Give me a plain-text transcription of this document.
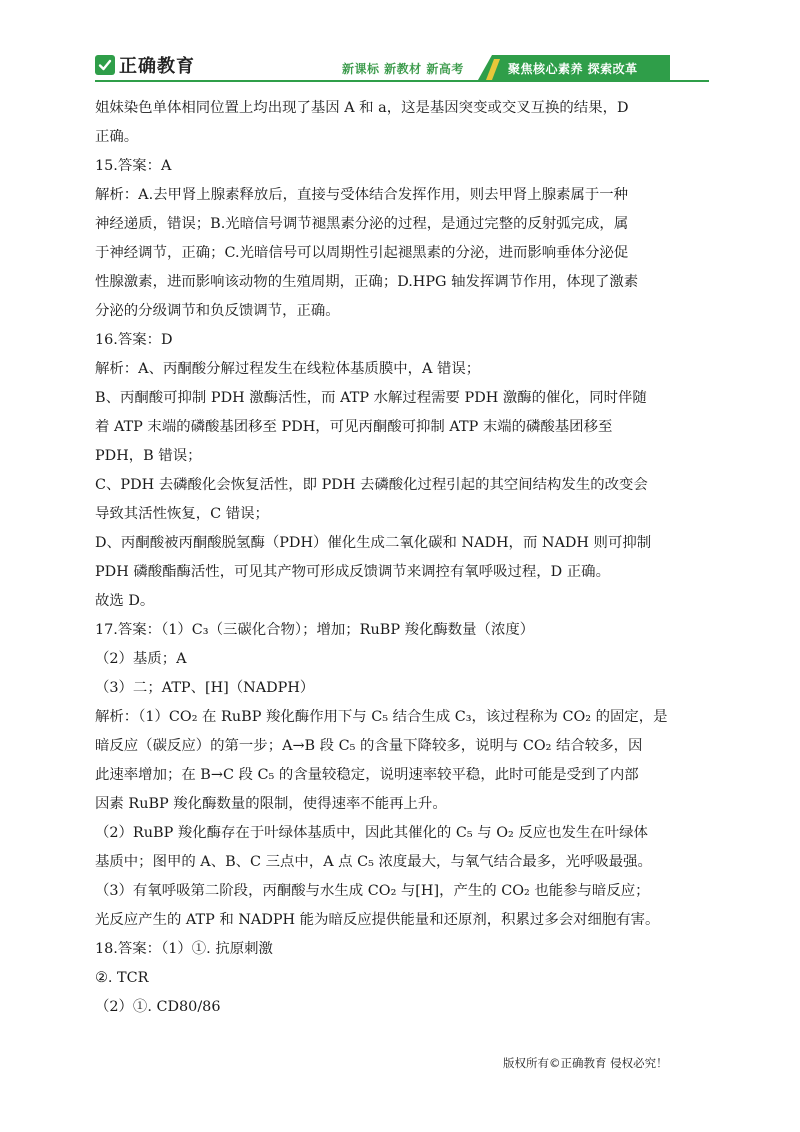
正确教育	新课标 新教材 新高考	聚焦核心素养 探索改革
姐妹染色单体相同位置上均出现了基因 A 和 a，这是基因突变或交叉互换的结果，D
正确。
15.答案：A
解析：A.去甲肾上腺素释放后，直接与受体结合发挥作用，则去甲肾上腺素属于一种
神经递质，错误；B.光暗信号调节褪黑素分泌的过程，是通过完整的反射弧完成，属
于神经调节，正确；C.光暗信号可以周期性引起褪黑素的分泌，进而影响垂体分泌促
性腺激素，进而影响该动物的生殖周期，正确；D.HPG 轴发挥调节作用，体现了激素
分泌的分级调节和负反馈调节，正确。
16.答案：D
解析：A、丙酮酸分解过程发生在线粒体基质膜中，A 错误；
B、丙酮酸可抑制 PDH 激酶活性，而 ATP 水解过程需要 PDH 激酶的催化，同时伴随
着 ATP 末端的磷酸基团移至 PDH，可见丙酮酸可抑制 ATP 末端的磷酸基团移至
PDH，B 错误；
C、PDH 去磷酸化会恢复活性，即 PDH 去磷酸化过程引起的其空间结构发生的改变会
导致其活性恢复，C 错误；
D、丙酮酸被丙酮酸脱氢酶（PDH）催化生成二氧化碳和 NADH，而 NADH 则可抑制
PDH 磷酸酯酶活性，可见其产物可形成反馈调节来调控有氧呼吸过程，D 正确。
故选 D。
17.答案：（1）C₃（三碳化合物）；增加；RuBP 羧化酶数量（浓度）
（2）基质；A
（3）二；ATP、[H]（NADPH）
解析：（1）CO₂ 在 RuBP 羧化酶作用下与 C₅ 结合生成 C₃，该过程称为 CO₂ 的固定，是
暗反应（碳反应）的第一步；A→B 段 C₅ 的含量下降较多，说明与 CO₂ 结合较多，因
此速率增加；在 B→C 段 C₅ 的含量较稳定，说明速率较平稳，此时可能是受到了内部
因素 RuBP 羧化酶数量的限制，使得速率不能再上升。
（2）RuBP 羧化酶存在于叶绿体基质中，因此其催化的 C₅ 与 O₂ 反应也发生在叶绿体
基质中；图甲的 A、B、C 三点中，A 点 C₅ 浓度最大，与氧气结合最多，光呼吸最强。
（3）有氧呼吸第二阶段，丙酮酸与水生成 CO₂ 与[H]，产生的 CO₂ 也能参与暗反应；
光反应产生的 ATP 和 NADPH 能为暗反应提供能量和还原剂，积累过多会对细胞有害。
18.答案：（1）①. 抗原刺激
②. TCR
（2）①. CD80/86
版权所有©正确教育 侵权必究！
